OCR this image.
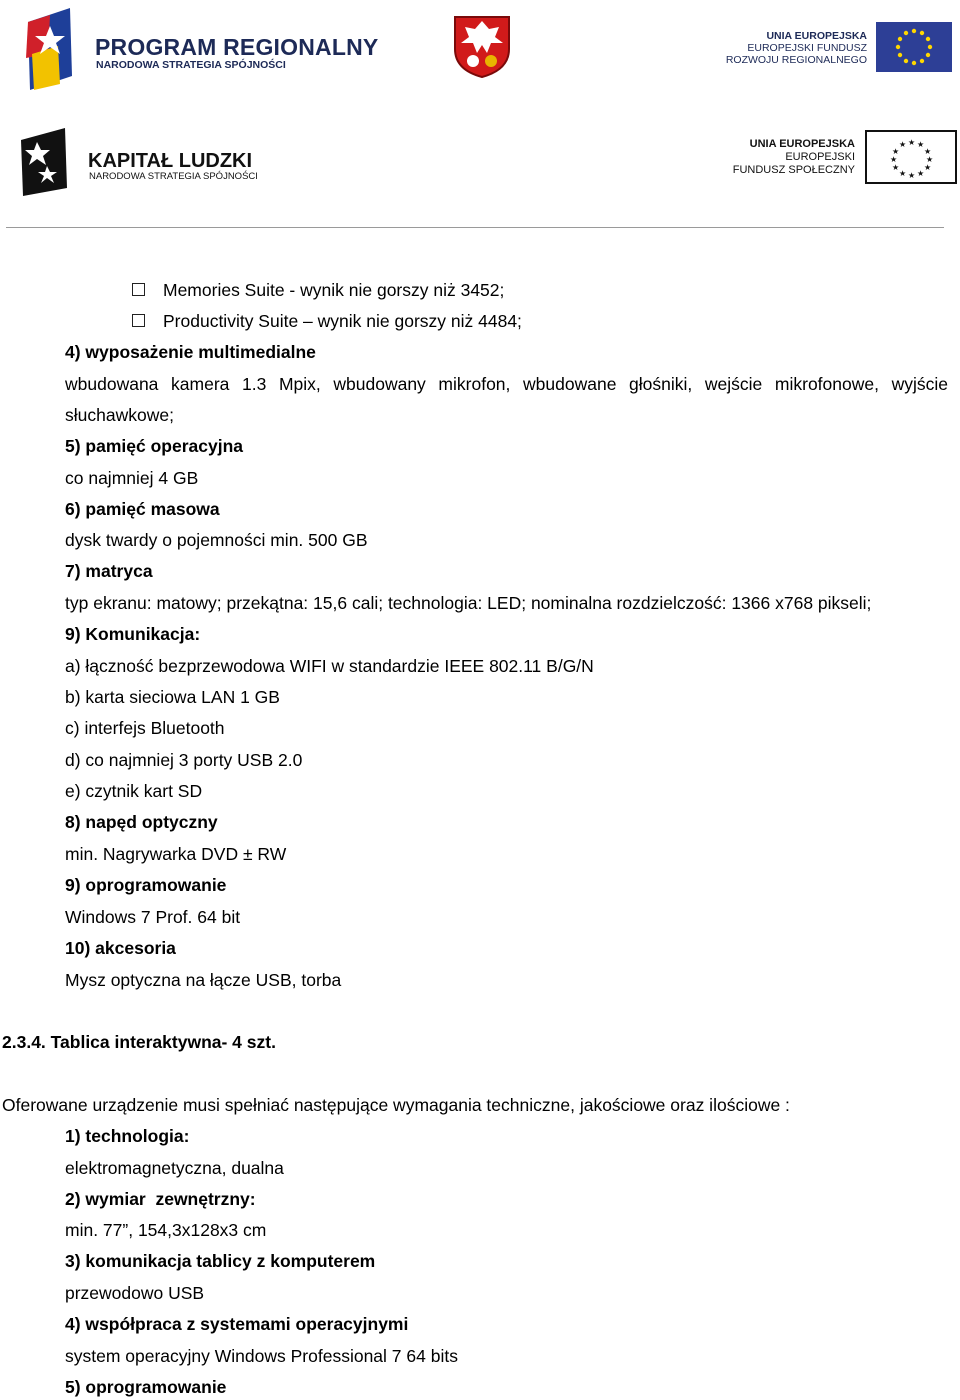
PROGRAM REGIONALNY
NARODOWA STRATEGIA SPÓJNOŚCI
UNIA EUROPEJSKA
EUROPEJSKI FUNDUSZ
ROZWOJU REGIONALNEGO
KAPITAŁ LUDZKI
NARODOWA STRATEGIA SPÓJNOŚCI
UNIA EUROPEJSKA
EUROPEJSKI
FUNDUSZ SPOŁECZNY
★ ★
★
★
★
★
★
★
★
★
★
★
Memories Suite - wynik nie gorszy niż 3452;
Productivity Suite – wynik nie gorszy niż 4484;
4) wyposażenie multimedialne
wbudowana kamera 1.3 Mpix, wbudowany mikrofon, wbudowane głośniki, wejście mikrofonowe, wyjście
słuchawkowe;
5) pamięć operacyjna
co najmniej 4 GB
6) pamięć masowa
dysk twardy o pojemności min. 500 GB
7) matryca
typ ekranu: matowy; przekątna: 15,6 cali; technologia: LED; nominalna rozdzielczość: 1366 x768 pikseli;
9) Komunikacja:
a) łączność bezprzewodowa WIFI w standardzie IEEE 802.11 B/G/N
b) karta sieciowa LAN 1 GB
c) interfejs Bluetooth
d) co najmniej 3 porty USB 2.0
e) czytnik kart SD
8) napęd optyczny
min. Nagrywarka DVD ± RW
9) oprogramowanie
Windows 7 Prof. 64 bit
10) akcesoria
Mysz optyczna na łącze USB, torba
2.3.4. Tablica interaktywna- 4 szt.
Oferowane urządzenie musi spełniać następujące wymagania techniczne, jakościowe oraz ilościowe :
1) technologia:
elektromagnetyczna, dualna
2) wymiar  zewnętrzny:
min. 77”, 154,3x128x3 cm
3) komunikacja tablicy z komputerem
przewodowo USB
4) współpraca z systemami operacyjnymi
system operacyjny Windows Professional 7 64 bits
5) oprogramowanie
